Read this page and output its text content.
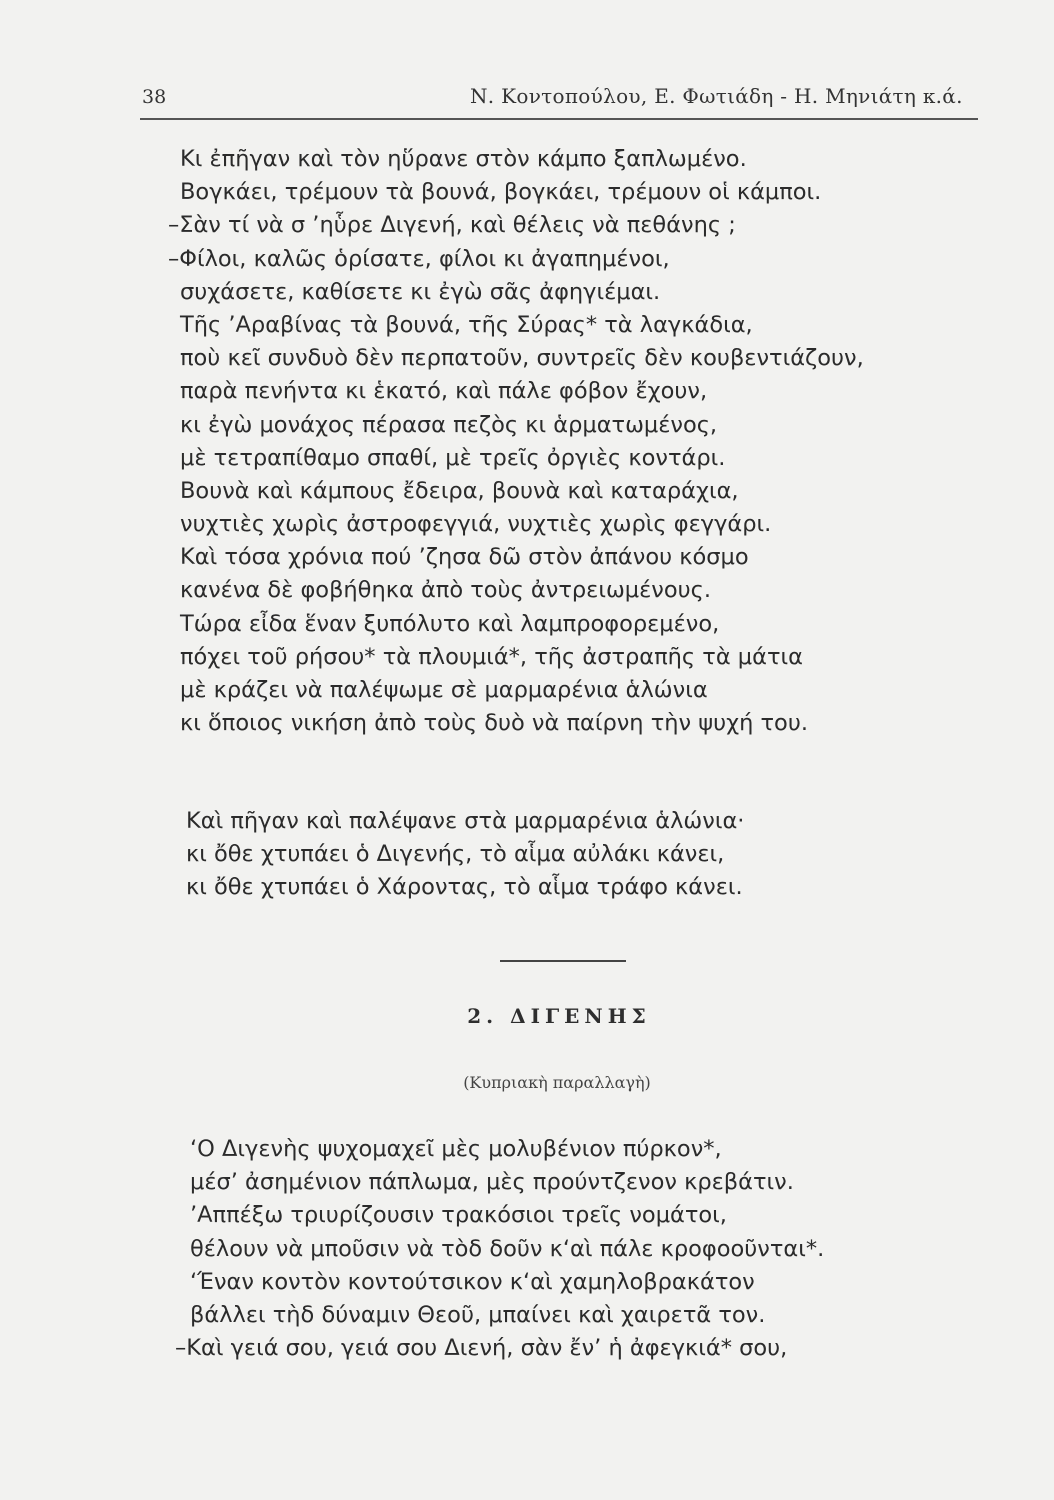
38	Ν. Κοντοπούλου, Ε. Φωτιάδη - Η. Μηνιάτη κ.ά.
Κι ἐπῆγαν καὶ τὸν ηὕρανε στὸν κάμπο ξαπλωμένο.
Βογκάει, τρέμουν τὰ βουνά, βογκάει, τρέμουν οἱ κάμποι.
–Σὰν τί νὰ σ ’ηὗρε Διγενή, καὶ θέλεις νὰ πεθάνης ;
–Φίλοι, καλῶς ὁρίσατε, φίλοι κι ἀγαπημένοι,
συχάσετε, καθίσετε κι ἐγὼ σᾶς ἀφηγιέμαι.
Τῆς ’Αραβίνας τὰ βουνά, τῆς Σύρας* τὰ λαγκάδια,
ποὺ κεῖ συνδυὸ δὲν περπατοῦν, συντρεῖς δὲν κουβεντιάζουν,
παρὰ πενήντα κι ἑκατό, καὶ πάλε φόβον ἔχουν,
κι ἐγὼ μονάχος πέρασα πεζὸς κι ἁρματωμένος,
μὲ τετραπίθαμο σπαθί, μὲ τρεῖς ὀργιὲς κοντάρι.
Βουνὰ καὶ κάμπους ἔδειρα, βουνὰ καὶ καταράχια,
νυχτιὲς χωρὶς ἀστροφεγγιά, νυχτιὲς χωρὶς φεγγάρι.
Καὶ τόσα χρόνια πού ’ζησα δῶ στὸν ἀπάνου κόσμο
κανένα δὲ φοβήθηκα ἀπὸ τοὺς ἀντρειωμένους.
Τώρα εἶδα ἕναν ξυπόλυτο καὶ λαμπροφορεμένο,
πόχει τοῦ ρήσου* τὰ πλουμιά*, τῆς ἀστραπῆς τὰ μάτια
μὲ κράζει νὰ παλέψωμε σὲ μαρμαρένια ἁλώνια
κι ὅποιος νικήση ἀπὸ τοὺς δυὸ νὰ παίρνη τὴν ψυχή του.
Καὶ πῆγαν καὶ παλέψανε στὰ μαρμαρένια ἁλώνια·
κι ὄθε χτυπάει ὁ Διγενής, τὸ αἷμα αὐλάκι κάνει,
κι ὄθε χτυπάει ὁ Χάροντας, τὸ αἷμα τράφο κάνει.
2. ΔΙΓΕΝΗΣ
(Κυπριακὴ παραλλαγὴ)
‘Ο Διγενὴς ψυχομαχεῖ μὲς μολυβένιον πύρκον*,
μέσ’ ἀσημένιον πάπλωμα, μὲς προύντζενον κρεβάτιν.
’Αππέξω τριυρίζουσιν τρακόσιοι τρεῖς νομάτοι,
θέλουν νὰ μποῦσιν νὰ τὸδ δοῦν κ‘αὶ πάλε κροφοοῦνται*.
‘Έναν κοντὸν κοντούτσικον κ‘αὶ χαμηλοβρακάτον
βάλλει τὴδ δύναμιν Θεοῦ, μπαίνει καὶ χαιρετᾶ τον.
–Καὶ γειά σου, γειά σου Διενή, σὰν ἔν’ ἡ ἀφεγκιά* σου,
